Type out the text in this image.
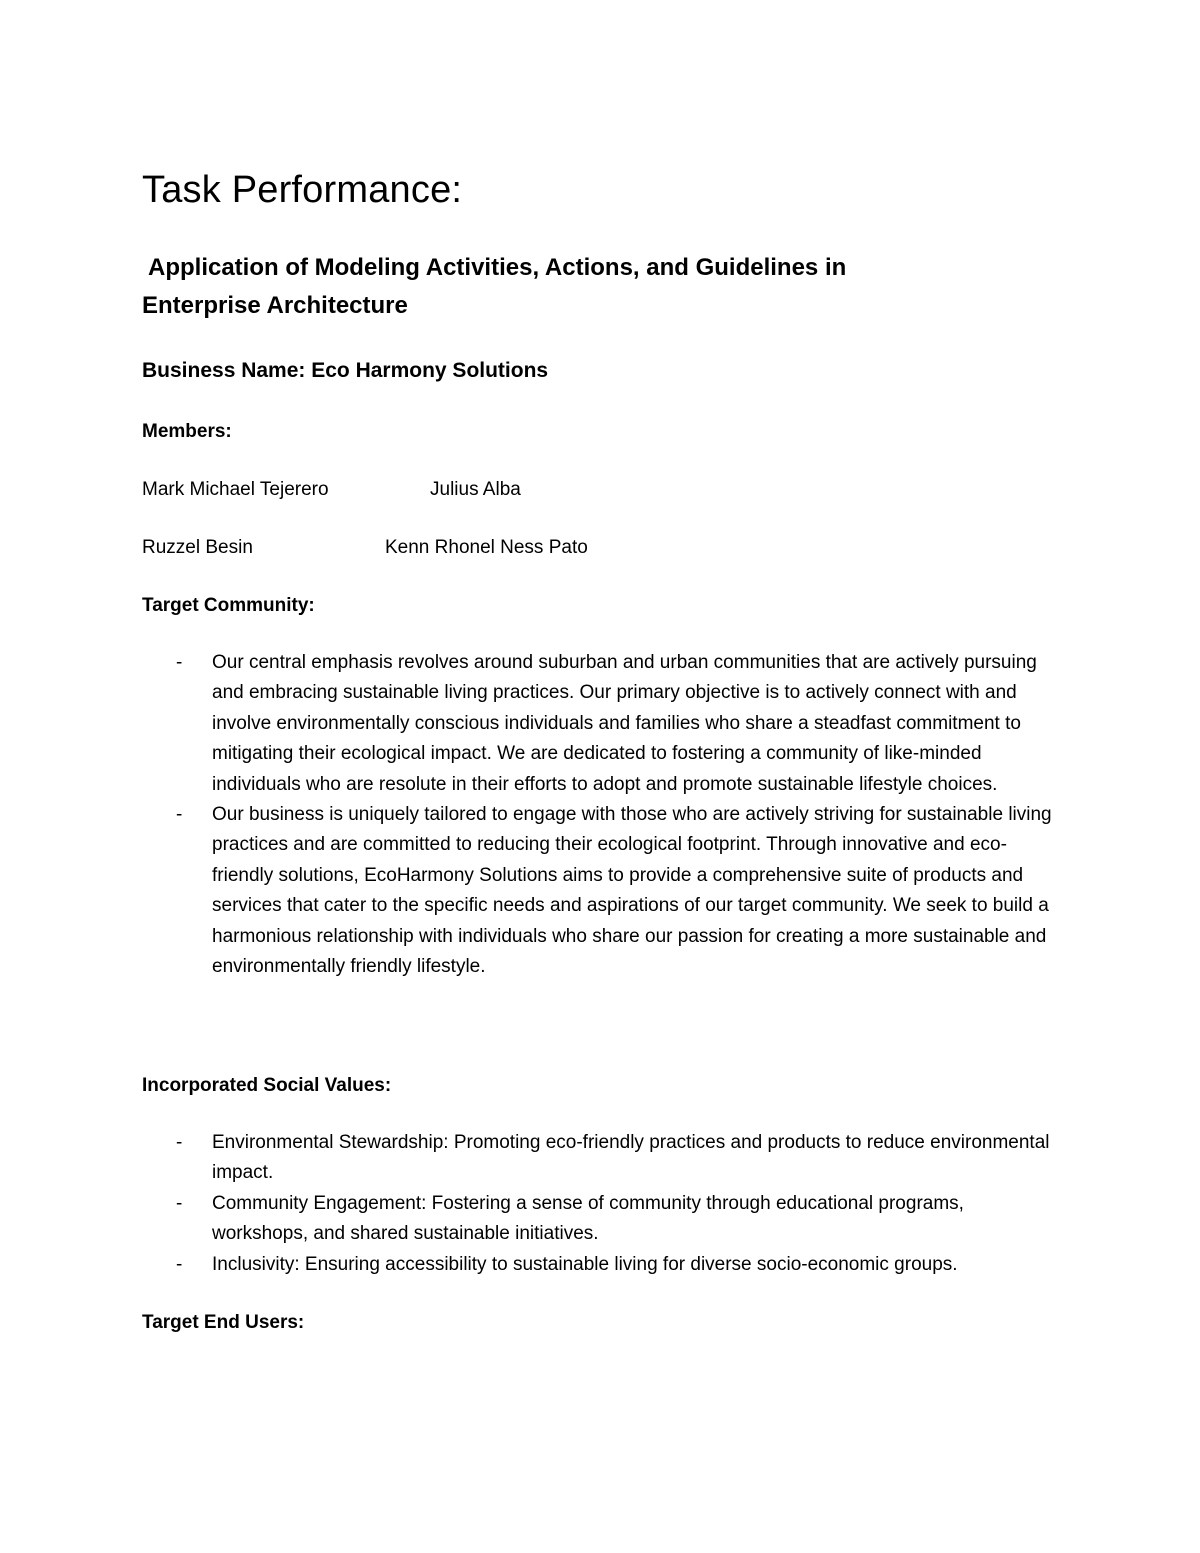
Task Performance:
Application of Modeling Activities, Actions, and Guidelines in
Enterprise Architecture

Business Name: Eco Harmony Solutions

Members:

Mark Michael Tejerero	Julius Alba

Ruzzel Besin	Kenn Rhonel Ness Pato

Target Community:

- Our central emphasis revolves around suburban and urban communities that are actively pursuing and embracing sustainable living practices. Our primary objective is to actively connect with and involve environmentally conscious individuals and families who share a steadfast commitment to mitigating their ecological impact. We are dedicated to fostering a community of like-minded individuals who are resolute in their efforts to adopt and promote sustainable lifestyle choices.
- Our business is uniquely tailored to engage with those who are actively striving for sustainable living practices and are committed to reducing their ecological footprint. Through innovative and eco-friendly solutions, EcoHarmony Solutions aims to provide a comprehensive suite of products and services that cater to the specific needs and aspirations of our target community. We seek to build a harmonious relationship with individuals who share our passion for creating a more sustainable and environmentally friendly lifestyle.

Incorporated Social Values:

- Environmental Stewardship: Promoting eco-friendly practices and products to reduce environmental impact.
- Community Engagement: Fostering a sense of community through educational programs, workshops, and shared sustainable initiatives.
- Inclusivity: Ensuring accessibility to sustainable living for diverse socio-economic groups.

Target End Users:
